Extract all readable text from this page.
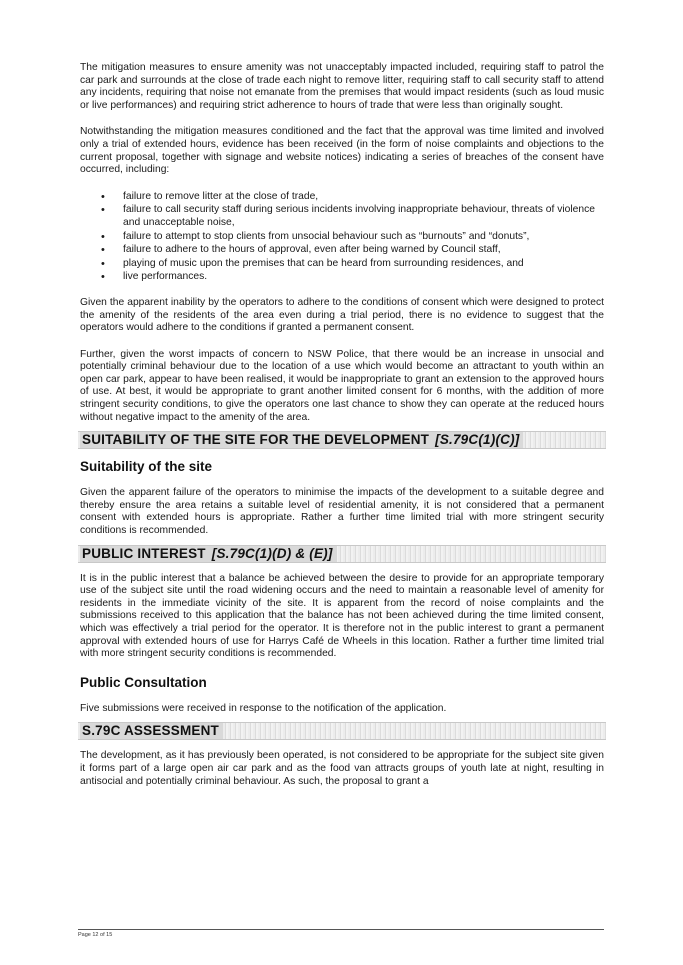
The mitigation measures to ensure amenity was not unacceptably impacted included, requiring staff to patrol the car park and surrounds at the close of trade each night to remove litter, requiring staff to call security staff to attend any incidents, requiring that noise not emanate from the premises that would impact residents (such as loud music or live performances) and requiring strict adherence to hours of trade that were less than originally sought.

Notwithstanding the mitigation measures conditioned and the fact that the approval was time limited and involved only a trial of extended hours, evidence has been received (in the form of noise complaints and objections to the current proposal, together with signage and website notices) indicating a series of breaches of the consent have occurred, including:

• failure to remove litter at the close of trade,
• failure to call security staff during serious incidents involving inappropriate behaviour, threats of violence and unacceptable noise,
• failure to attempt to stop clients from unsocial behaviour such as “burnouts” and “donuts”,
• failure to adhere to the hours of approval, even after being warned by Council staff,
• playing of music upon the premises that can be heard from surrounding residences, and
• live performances.

Given the apparent inability by the operators to adhere to the conditions of consent which were designed to protect the amenity of the residents of the area even during a trial period, there is no evidence to suggest that the operators would adhere to the conditions if granted a permanent consent.

Further, given the worst impacts of concern to NSW Police, that there would be an increase in unsocial and potentially criminal behaviour due to the location of a use which would become an attractant to youth within an open car park, appear to have been realised, it would be inappropriate to grant an extension to the approved hours of use. At best, it would be appropriate to grant another limited consent for 6 months, with the addition of more stringent security conditions, to give the operators one last chance to show they can operate at the reduced hours without negative impact to the amenity of the area.

SUITABILITY OF THE SITE FOR THE DEVELOPMENT [S.79C(1)(C)]
Suitability of the site

Given the apparent failure of the operators to minimise the impacts of the development to a suitable degree and thereby ensure the area retains a suitable level of residential amenity, it is not considered that a permanent consent with extended hours is appropriate. Rather a further time limited trial with more stringent security conditions is recommended.

PUBLIC INTEREST [S.79C(1)(D) & (E)]

It is in the public interest that a balance be achieved between the desire to provide for an appropriate temporary use of the subject site until the road widening occurs and the need to maintain a reasonable level of amenity for residents in the immediate vicinity of the site. It is apparent from the record of noise complaints and the submissions received to this application that the balance has not been achieved during the time limited consent, which was effectively a trial period for the operator. It is therefore not in the public interest to grant a permanent approval with extended hours of use for Harrys Café de Wheels in this location. Rather a further time limited trial with more stringent security conditions is recommended.

Public Consultation

Five submissions were received in response to the notification of the application.

S.79C ASSESSMENT

The development, as it has previously been operated, is not considered to be appropriate for the subject site given it forms part of a large open air car park and as the food van attracts groups of youth late at night, resulting in antisocial and potentially criminal behaviour. As such, the proposal to grant a

Page 12 of 15
